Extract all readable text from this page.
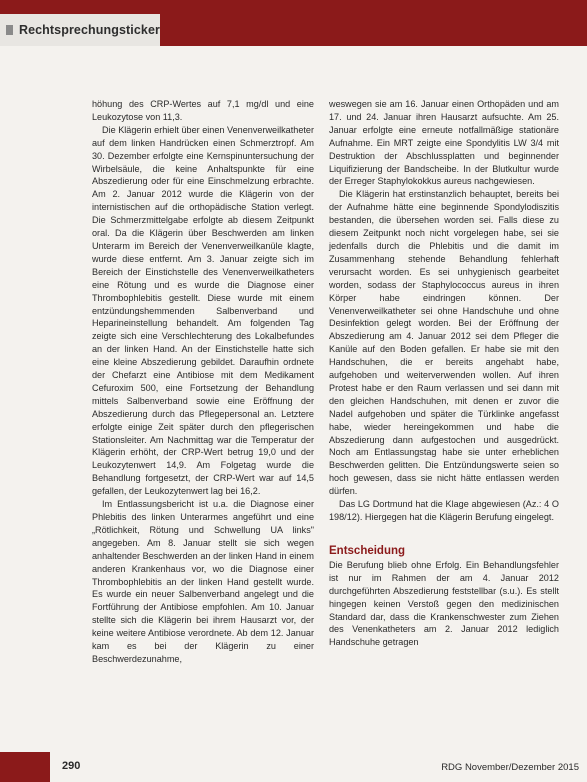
Rechtsprechungsticker

höhung des CRP-Wertes auf 7,1 mg/dl und eine Leukozytose von 11,3.

Die Klägerin erhielt über einen Venenverweilkatheter auf dem linken Handrücken einen Schmerztropf. Am 30. Dezember erfolgte eine Kernspinuntersuchung der Wirbelsäule, die keine Anhaltspunkte für eine Abszedierung oder für eine Einschmelzung erbrachte. Am 2. Januar 2012 wurde die Klägerin von der internistischen auf die orthopädische Station verlegt. Die Schmerzmittelgabe erfolgte ab diesem Zeitpunkt oral. Da die Klägerin über Beschwerden am linken Unterarm im Bereich der Venenverweilkanüle klagte, wurde diese entfernt. Am 3. Januar zeigte sich im Bereich der Einstichstelle des Venenverweilkatheters eine Rötung und es wurde die Diagnose einer Thrombophlebitis gestellt. Diese wurde mit einem entzündungshemmenden Salbenverband und Heparineinstellung behandelt. Am folgenden Tag zeigte sich eine Verschlechterung des Lokalbefundes an der linken Hand. An der Einstichstelle hatte sich eine kleine Abszedierung gebildet. Daraufhin ordnete der Chefarzt eine Antibiose mit dem Medikament Cefuroxim 500, eine Fortsetzung der Behandlung mittels Salbenverband sowie eine Eröffnung der Abszedierung durch das Pflegepersonal an. Letztere erfolgte einige Zeit später durch den pflegerischen Stationsleiter. Am Nachmittag war die Temperatur der Klägerin erhöht, der CRP-Wert betrug 19,0 und der Leukozytenwert 14,9. Am Folgetag wurde die Behandlung fortgesetzt, der CRP-Wert war auf 14,5 gefallen, der Leukozytenwert lag bei 16,2.

Im Entlassungsbericht ist u.a. die Diagnose einer Phlebitis des linken Unterarmes angeführt und eine „Rötlichkeit, Rötung und Schwellung UA links" angegeben. Am 8. Januar stellt sie sich wegen anhaltender Beschwerden an der linken Hand in einem anderen Krankenhaus vor, wo die Diagnose einer Thrombophlebitis an der linken Hand gestellt wurde. Es wurde ein neuer Salbenverband angelegt und die Fortführung der Antibiose empfohlen. Am 10. Januar stellte sich die Klägerin bei ihrem Hausarzt vor, der keine weitere Antibiose verordnete. Ab dem 12. Januar kam es bei der Klägerin zu einer Beschwerdezunahme,

weswegen sie am 16. Januar einen Orthopäden und am 17. und 24. Januar ihren Hausarzt aufsuchte. Am 25. Januar erfolgte eine erneute notfallmäßige stationäre Aufnahme. Ein MRT zeigte eine Spondylitis LW 3/4 mit Destruktion der Abschlussplatten und beginnender Liquifizierung der Bandscheibe. In der Blutkultur wurde der Erreger Staphylokokkus aureus nachgewiesen.

Die Klägerin hat erstinstanzlich behauptet, bereits bei der Aufnahme hätte eine beginnende Spondylodiszitis bestanden, die übersehen worden sei. Falls diese zu diesem Zeitpunkt noch nicht vorgelegen habe, sei sie jedenfalls durch die Phlebitis und die damit im Zusammenhang stehende Behandlung fehlerhaft verursacht worden. Es sei unhygienisch gearbeitet worden, sodass der Staphylococcus aureus in ihren Körper habe eindringen können. Der Venenverweilkatheter sei ohne Handschuhe und ohne Desinfektion gelegt worden. Bei der Eröffnung der Abszedierung am 4. Januar 2012 sei dem Pfleger die Kanüle auf den Boden gefallen. Er habe sie mit den Handschuhen, die er bereits angehabt habe, aufgehoben und weiterverwenden wollen. Auf ihren Protest habe er den Raum verlassen und sei dann mit den gleichen Handschuhen, mit denen er zuvor die Nadel aufgehoben und später die Türklinke angefasst habe, wieder hereingekommen und habe die Abszedierung dann aufgestochen und ausgedrückt. Noch am Entlassungstag habe sie unter erheblichen Beschwerden gelitten. Die Entzündungswerte seien so hoch gewesen, dass sie nicht hätte entlassen werden dürfen.

Das LG Dortmund hat die Klage abgewiesen (Az.: 4 O 198/12). Hiergegen hat die Klägerin Berufung eingelegt.

Entscheidung

Die Berufung blieb ohne Erfolg. Ein Behandlungsfehler ist nur im Rahmen der am 4. Januar 2012 durchgeführten Abszedierung feststellbar (s.u.). Es stellt hingegen keinen Verstoß gegen den medizinischen Standard dar, dass die Krankenschwester zum Ziehen des Venenkatheters am 2. Januar 2012 lediglich Handschuhe getragen

290	RDG November/Dezember 2015
